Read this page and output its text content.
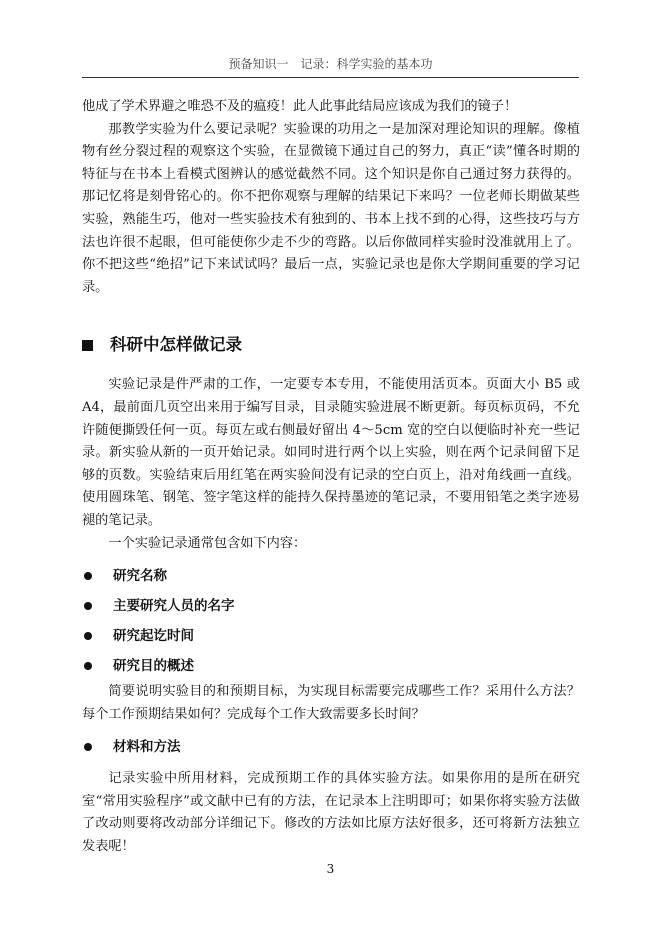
预备知识一　记录：科学实验的基本功

他成了学术界避之唯恐不及的瘟疫！此人此事此结局应该成为我们的镜子！

那教学实验为什么要记录呢？实验课的功用之一是加深对理论知识的理解。像植物有丝分裂过程的观察这个实验，在显微镜下通过自己的努力，真正“读”懂各时期的特征与在书本上看模式图辨认的感觉截然不同。这个知识是你自己通过努力获得的。那记忆将是刻骨铭心的。你不把你观察与理解的结果记下来吗？一位老师长期做某些实验，熟能生巧，他对一些实验技术有独到的、书本上找不到的心得，这些技巧与方法也许很不起眼，但可能使你少走不少的弯路。以后你做同样实验时没准就用上了。你不把这些“绝招”记下来试试吗？最后一点，实验记录也是你大学期间重要的学习记录。

科研中怎样做记录

实验记录是件严肃的工作，一定要专本专用，不能使用活页本。页面大小 B5 或 A4，最前面几页空出来用于编写目录，目录随实验进展不断更新。每页标页码，不允许随便撕毁任何一页。每页左或右侧最好留出 4～5cm 宽的空白以便临时补充一些记录。新实验从新的一页开始记录。如同时进行两个以上实验，则在两个记录间留下足够的页数。实验结束后用红笔在两实验间没有记录的空白页上，沿对角线画一直线。使用圆珠笔、钢笔、签字笔这样的能持久保持墨迹的笔记录，不要用铅笔之类字迹易褪的笔记录。

一个实验记录通常包含如下内容：

研究名称
主要研究人员的名字
研究起讫时间
研究目的概述

简要说明实验目的和预期目标，为实现目标需要完成哪些工作？采用什么方法？每个工作预期结果如何？完成每个工作大致需要多长时间？

材料和方法

记录实验中所用材料，完成预期工作的具体实验方法。如果你用的是所在研究室“常用实验程序”或文献中已有的方法，在记录本上注明即可；如果你将实验方法做了改动则要将改动部分详细记下。修改的方法如比原方法好很多，还可将新方法独立发表呢！

3
